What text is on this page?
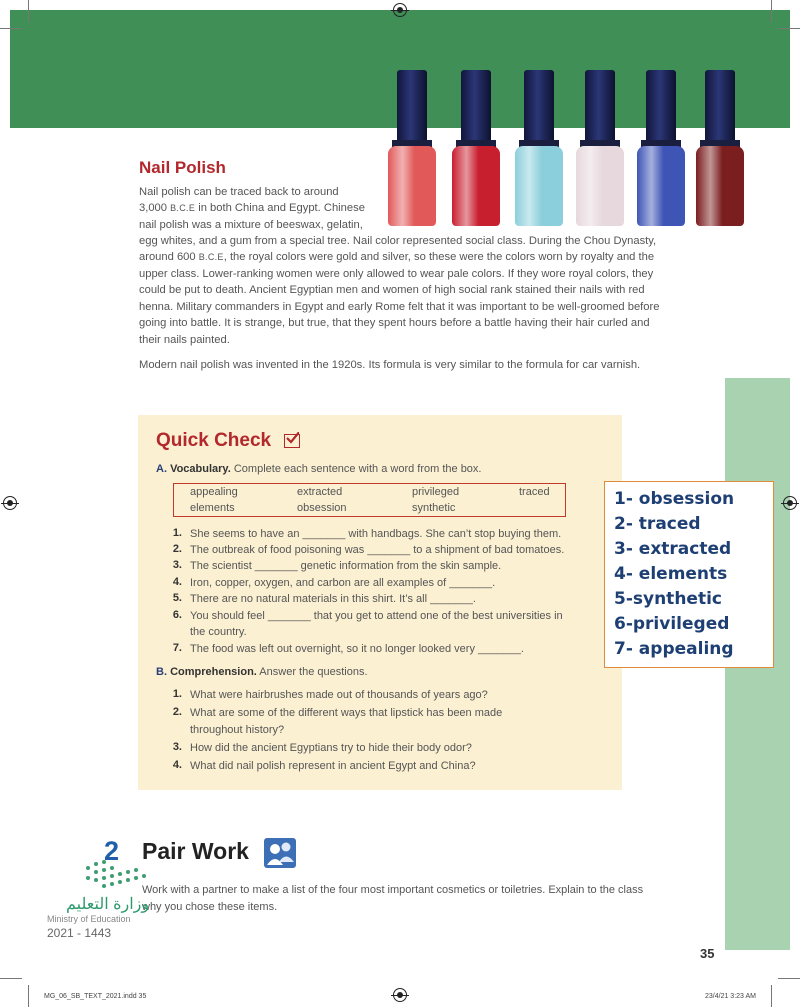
Nail Polish

Nail polish can be traced back to around

3,000 B.C.E in both China and Egypt. Chinese

nail polish was a mixture of beeswax, gelatin,

egg whites, and a gum from a special tree. Nail color represented social class. During the Chou Dynasty,

around 600 B.C.E, the royal colors were gold and silver, so these were the colors worn by royalty and the

upper class. Lower-ranking women were only allowed to wear pale colors. If they wore royal colors, they

could be put to death. Ancient Egyptian men and women of high social rank stained their nails with red

henna. Military commanders in Egypt and early Rome felt that it was important to be well-groomed before

going into battle. It is strange, but true, that they spent hours before a battle having their hair curled and

their nails painted.

Modern nail polish was invented in the 1920s. Its formula is very similar to the formula for car varnish.

Quick Check
A. Vocabulary. Complete each sentence with a word from the box.
appealing	extracted	privileged	traced
elements	obsession	synthetic
1. She seems to have an _______ with handbags. She can’t stop buying them.
2. The outbreak of food poisoning was _______ to a shipment of bad tomatoes.
3. The scientist _______ genetic information from the skin sample.
4. Iron, copper, oxygen, and carbon are all examples of _______.
5. There are no natural materials in this shirt. It’s all _______.
6. You should feel _______ that you get to attend one of the best universities in
the country.
7. The food was left out overnight, so it no longer looked very _______.
B. Comprehension. Answer the questions.
1. What were hairbrushes made out of thousands of years ago?
2. What are some of the different ways that lipstick has been made
throughout history?
3. How did the ancient Egyptians try to hide their body odor?
4. What did nail polish represent in ancient Egypt and China?
1- obsession
2- traced
3- extracted
4- elements
5-synthetic
6-privileged
7- appealing
2 Pair Work
Work with a partner to make a list of the four most important cosmetics or toiletries. Explain to the class
why you chose these items.
وزارة التعليم
Ministry of Education
2021 - 1443
35
MG_06_SB_TEXT_2021.indd 35	23/4/21 3:23 AM
